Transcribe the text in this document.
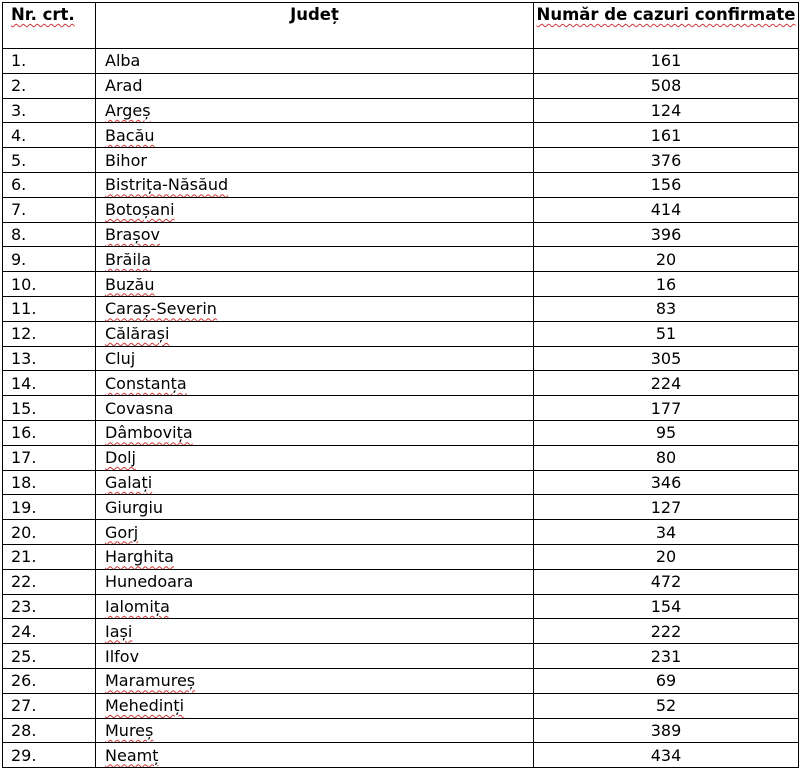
Nr. crt.	Județ	Număr de cazuri confirmate
1.	Alba	161
2.	Arad	508
3.	Argeș	124
4.	Bacău	161
5.	Bihor	376
6.	Bistrița-Năsăud	156
7.	Botoșani	414
8.	Brașov	396
9.	Brăila	20
10.	Buzău	16
11.	Caraș-Severin	83
12.	Călărași	51
13.	Cluj	305
14.	Constanța	224
15.	Covasna	177
16.	Dâmbovița	95
17.	Dolj	80
18.	Galați	346
19.	Giurgiu	127
20.	Gorj	34
21.	Harghita	20
22.	Hunedoara	472
23.	Ialomița	154
24.	Iași	222
25.	Ilfov	231
26.	Maramureș	69
27.	Mehedinți	52
28.	Mureș	389
29.	Neamț	434
